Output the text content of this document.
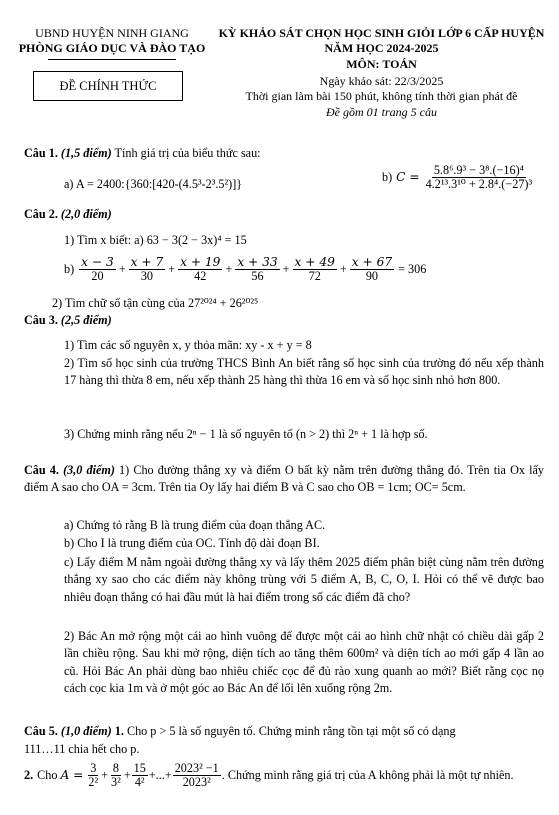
UBND HUYỆN NINH GIANG
PHÒNG GIÁO DỤC VÀ ĐÀO TẠO
ĐỀ CHÍNH THỨC
KỲ KHẢO SÁT CHỌN HỌC SINH GIỎI LỚP 6 CẤP HUYỆN
NĂM HỌC 2024-2025
MÔN: TOÁN
Ngày khảo sát: 22/3/2025
Thời gian làm bài 150 phút, không tính thời gian phát đề
Đề gồm 01 trang 5 câu
Câu 1. (1,5 điểm) Tính giá trị của biểu thức sau:
a) A = 2400:{360:[420-(4.5³-2³.5²)]}	b) $C = \frac{\text{5.8⁶.9³ − 3⁸.(−16)⁴}}{\text{4.2¹³.3¹⁰ + 2.8⁴.(−27)³}}$
Câu 2. (2,0 điểm)
1) Tìm x biết: a) 63 − 3(2 − 3x)⁴ = 15
$b) \frac{x - 3}{20} + \frac{x + 7}{30} + \frac{x + 19}{42} + \frac{x + 33}{56} + \frac{x + 49}{72} + \frac{x + 67}{90} = 306$
2) Tìm chữ số tận cùng của 27²⁰²⁴ + 26²⁰²⁵
Câu 3. (2,5 điểm)
1) Tìm các số nguyên x, y thỏa mãn: xy - x + y = 8
2) Tìm số học sinh của trường THCS Bình An biết rằng số học sinh của trường đó nếu xếp thành 17 hàng thì thừa 8 em, nếu xếp thành 25 hàng thì thừa 16 em và số học sinh nhỏ hơn 800.
3) Chứng minh rằng nếu 2ⁿ − 1 là số nguyên tố (n > 2) thì 2ⁿ + 1 là hợp số.
Câu 4. (3,0 điểm) 1) Cho đường thẳng xy và điểm O bất kỳ nằm trên đường thẳng đó. Trên tia Ox lấy điểm A sao cho OA = 3cm. Trên tia Oy lấy hai điểm B và C sao cho OB = 1cm; OC= 5cm.
a) Chứng tỏ rằng B là trung điểm của đoạn thẳng AC.
b) Cho I là trung điểm của OC. Tính độ dài đoạn BI.
c) Lấy điểm M nằm ngoài đường thẳng xy và lấy thêm 2025 điểm phân biệt cùng nằm trên đường thẳng xy sao cho các điểm này không trùng với 5 điểm A, B, C, O, I. Hỏi có thể vẽ được bao nhiêu đoạn thẳng có hai đầu mút là hai điểm trong số các điểm đã cho?
2) Bác An mở rộng một cái ao hình vuông để được một cái ao hình chữ nhật có chiều dài gấp 2 lần chiều rộng. Sau khi mở rộng, diện tích ao tăng thêm 600m² và diện tích ao mới gấp 4 lần ao cũ. Hỏi Bác An phải dùng bao nhiêu chiếc cọc để đủ rào xung quanh ao mới? Biết rằng cọc nọ cách cọc kia 1m và ở một góc ao Bác An để lối lên xuống rộng 2m.
Câu 5. (1,0 điểm) 1. Cho p > 5 là số nguyên tố. Chứng minh rằng tồn tại một số có dạng
111…11 chia hết cho p.
2. Cho $A = \frac{3}{\text{2²}} + \frac{8}{\text{3²}} + \frac{15}{\text{4²}}$ +...+ $\frac{\text{2023² −1}}{\text{2023²}}$ . Chứng minh rằng giá trị của A không phải là một tự nhiên.
